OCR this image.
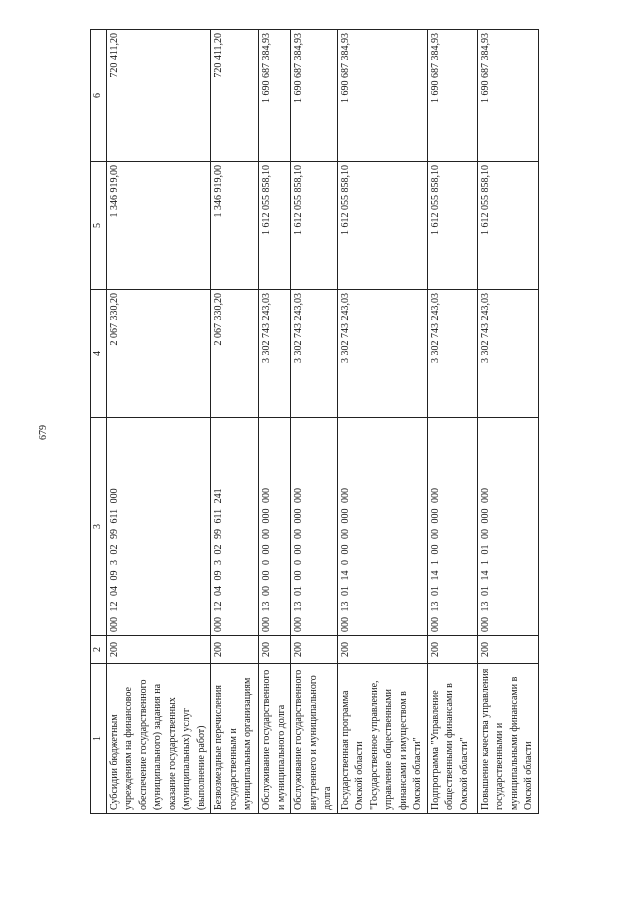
679
1	2	3	4	5	6
Субсидии бюджетным учреждениям на финансовое обеспечение государственного (муниципального) задания на оказание государственных (муниципальных) услуг (выполнение работ)	200	000 12 04 09 3 02 99 611 000	2 067 330,20	1 346 919,00	720 411,20
Безвозмездные перечисления государственным и муниципальным организациям	200	000 12 04 09 3 02 99 611 241	2 067 330,20	1 346 919,00	720 411,20
Обслуживание государственного и муниципального долга	200	000 13 00 00 0 00 00 000 000	3 302 743 243,03	1 612 055 858,10	1 690 687 384,93
Обслуживание государственного внутреннего и муниципального долга	200	000 13 01 00 0 00 00 000 000	3 302 743 243,03	1 612 055 858,10	1 690 687 384,93
Государственная программа Омской области "Государственное управление, управление общественными финансами и имуществом в Омской области"	200	000 13 01 14 0 00 00 000 000	3 302 743 243,03	1 612 055 858,10	1 690 687 384,93
Подпрограмма "Управление общественными финансами в Омской области"	200	000 13 01 14 1 00 00 000 000	3 302 743 243,03	1 612 055 858,10	1 690 687 384,93
Повышение качества управления государственными и муниципальными финансами в Омской области	200	000 13 01 14 1 01 00 000 000	3 302 743 243,03	1 612 055 858,10	1 690 687 384,93
